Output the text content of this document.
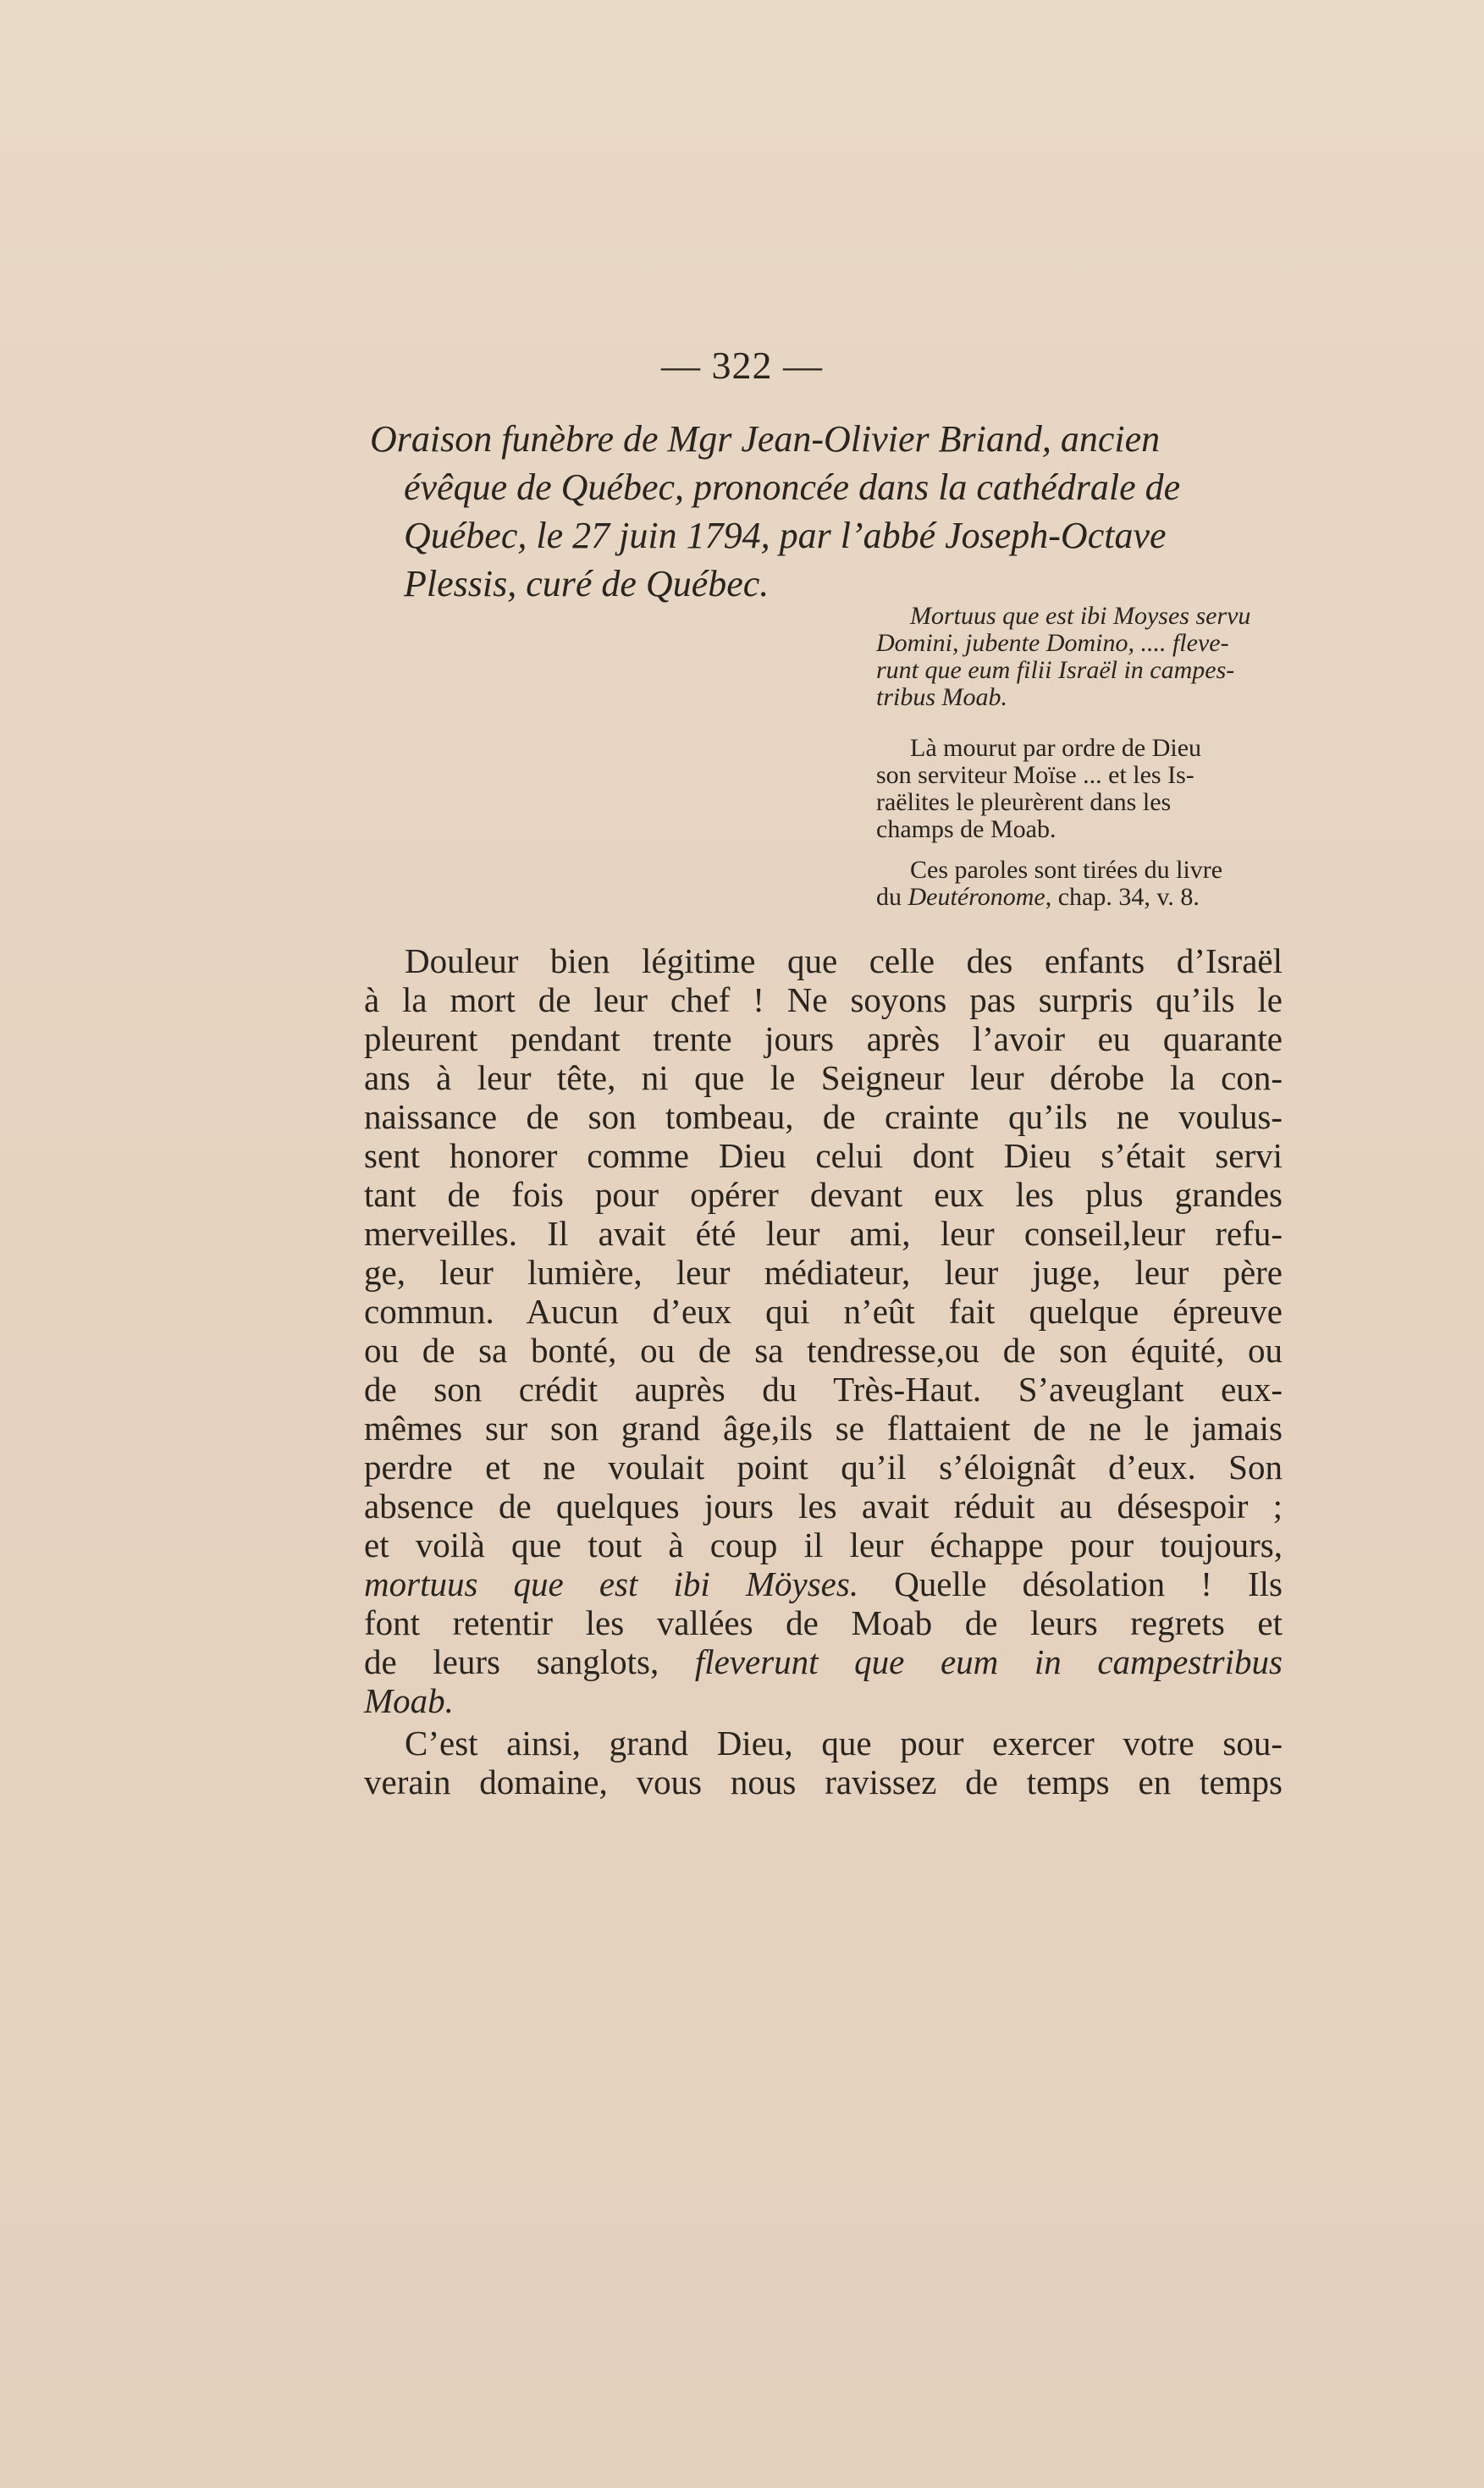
— 322 —
Oraison funèbre de Mgr Jean-Olivier Briand, ancien
évêque de Québec, prononcée dans la cathédrale de
Québec, le 27 juin 1794, par l’abbé Joseph-Octave
Plessis, curé de Québec.
Mortuus que est ibi Moyses servu
Domini, jubente Domino, .... fleve-
runt que eum filii Israël in campes-
tribus Moab.
Là mourut par ordre de Dieu
son serviteur Moïse ... et les Is-
raëlites le pleurèrent dans les
champs de Moab.
Ces paroles sont tirées du livre
du Deutéronome, chap. 34, v. 8.
Douleur bien légitime que celle des enfants d’Israël
à la mort de leur chef ! Ne soyons pas surpris qu’ils le
pleurent pendant trente jours après l’avoir eu quarante
ans à leur tête, ni que le Seigneur leur dérobe la con-
naissance de son tombeau, de crainte qu’ils ne voulus-
sent honorer comme Dieu celui dont Dieu s’était servi
tant de fois pour opérer devant eux les plus grandes
merveilles. Il avait été leur ami, leur conseil,leur refu-
ge, leur lumière, leur médiateur, leur juge, leur père
commun. Aucun d’eux qui n’eût fait quelque épreuve
ou de sa bonté, ou de sa tendresse,ou de son équité, ou
de son crédit auprès du Très-Haut. S’aveuglant eux-
mêmes sur son grand âge,ils se flattaient de ne le jamais
perdre et ne voulait point qu’il s’éloignât d’eux. Son
absence de quelques jours les avait réduit au désespoir ;
et voilà que tout à coup il leur échappe pour toujours,
mortuus que est ibi Möyses. Quelle désolation ! Ils
font retentir les vallées de Moab de leurs regrets et
de leurs sanglots, fleverunt que eum in campestribus
Moab.
C’est ainsi, grand Dieu, que pour exercer votre sou-
verain domaine, vous nous ravissez de temps en temps
